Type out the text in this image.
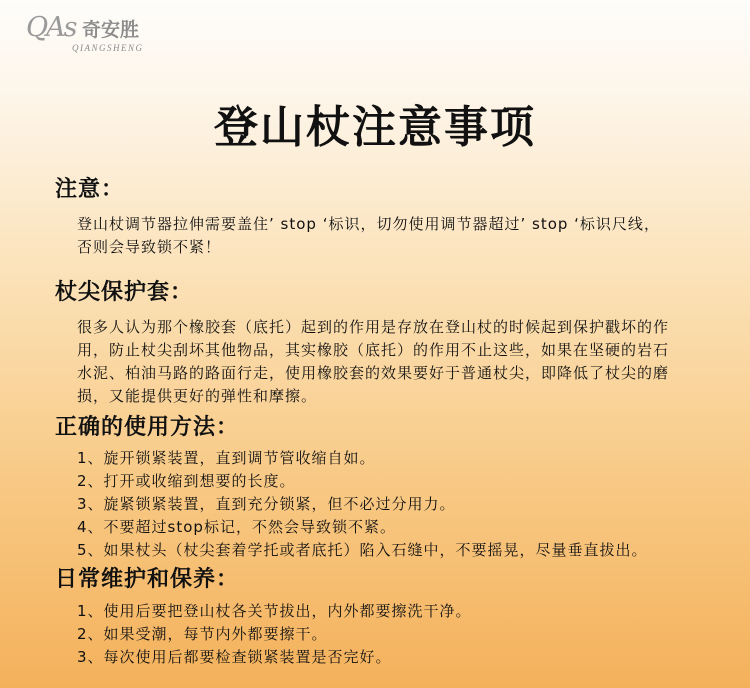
QAs 奇安胜
QIANGSHENG
登山杖注意事项
注意：
登山杖调节器拉伸需要盖住’ stop ‘标识，切勿使用调节器超过’ stop ‘标识尺线，
否则会导致锁不紧！
杖尖保护套：
很多人认为那个橡胶套（底托）起到的作用是存放在登山杖的时候起到保护戳坏的作
用，防止杖尖刮坏其他物品，其实橡胶（底托）的作用不止这些，如果在坚硬的岩石
水泥、柏油马路的路面行走，使用橡胶套的效果要好于普通杖尖，即降低了杖尖的磨
损，又能提供更好的弹性和摩擦。
正确的使用方法：
1、旋开锁紧装置，直到调节管收缩自如。
2、打开或收缩到想要的长度。
3、旋紧锁紧装置，直到充分锁紧，但不必过分用力。
4、不要超过stop标记，不然会导致锁不紧。
5、如果杖头（杖尖套着学托或者底托）陷入石缝中，不要摇晃，尽量垂直拔出。
日常维护和保养：
1、使用后要把登山杖各关节拔出，内外都要擦洗干净。
2、如果受潮，每节内外都要擦干。
3、每次使用后都要检查锁紧装置是否完好。
